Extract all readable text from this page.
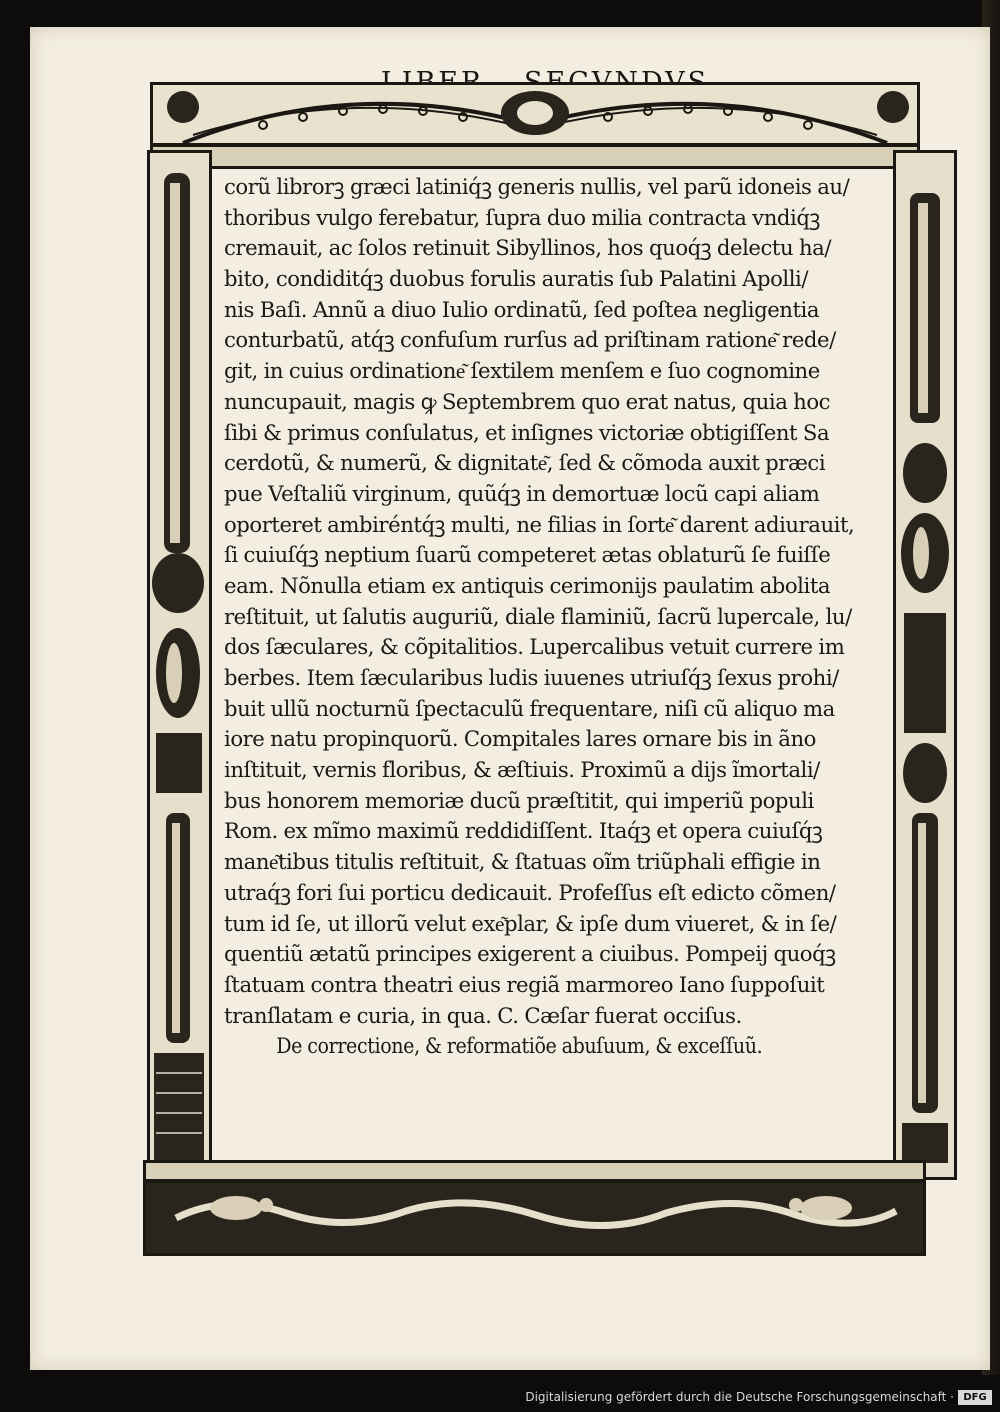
corũ librorꝫ græci latiniq́ꝫ generis nullis, vel parũ idoneis au/
thoribus vulgo ferebatur, ſupra duo milia contracta vndiq́ꝫ
cremauit, ac ſolos retinuit Sibyllinos, hos quoq́ꝫ delectu ha/
bito, condiditq́ꝫ duobus forulis auratis ſub Palatini Apolli/
nis Baſi. Annũ a diuo Iulio ordinatũ, ſed poſtea negligentia
conturbatũ, atq́ꝫ confuſum rurſus ad priſtinam ratione͂ rede/
git, in cuius ordinatione͂ ſextilem menſem e ſuo cognomine
nuncupauit, magis ꝙ Septembrem quo erat natus, quia hoc
ſibi & primus conſulatus, et inſignes victoriæ obtigiſſent Sa
cerdotũ, & numerũ, & dignitate͂, ſed & cõmoda auxit præci
pue Veſtaliũ virginum, quũq́ꝫ in demortuæ locũ capi aliam
oporteret ambiréntq́ꝫ multi, ne filias in ſorte͂ darent adiurauit,
ſi cuiuſq́ꝫ neptium ſuarũ competeret ætas oblaturũ ſe fuiſſe
eam. Nõnulla etiam ex antiquis cerimonijs paulatim abolita
reſtituit, ut ſalutis auguriũ, diale flaminiũ, ſacrũ lupercale, lu/
dos ſæculares, & cõpitalitios. Lupercalibus vetuit currere im
berbes. Item ſæcularibus ludis iuuenes utriuſq́ꝫ ſexus prohi/
buit ullũ nocturnũ ſpectaculũ frequentare, niſi cũ aliquo ma
iore natu propinquorũ. Compitales lares ornare bis in ãno
inſtituit, vernis floribus, & æſtiuis. Proximũ a dijs ĩmortali/
bus honorem memoriæ ducũ præſtitit, qui imperiũ populi
Rom. ex mĩmo maximũ reddidiſſent. Itaq́ꝫ et opera cuiuſq́ꝫ
mane͂tibus titulis reſtituit, & ſtatuas oĩm triũphali effigie in
utraq́ꝫ fori ſui porticu dedicauit. Profeſſus eſt edicto cõmen/
tum id ſe, ut illorũ velut exe͂plar, & ipſe dum viueret, & in ſe/
quentiũ ætatũ principes exigerent a ciuibus. Pompeij quoq́ꝫ
ſtatuam contra theatri eius regiã marmoreo Iano ſuppoſuit
tranſlatam e curia, in qua. C. Cæſar fuerat occiſus.
De correctione, & reformatiõe abuſuum, & exceſſuũ.
Digitalisierung gefördert durch die Deutsche Forschungsgemeinschaft · DFG
